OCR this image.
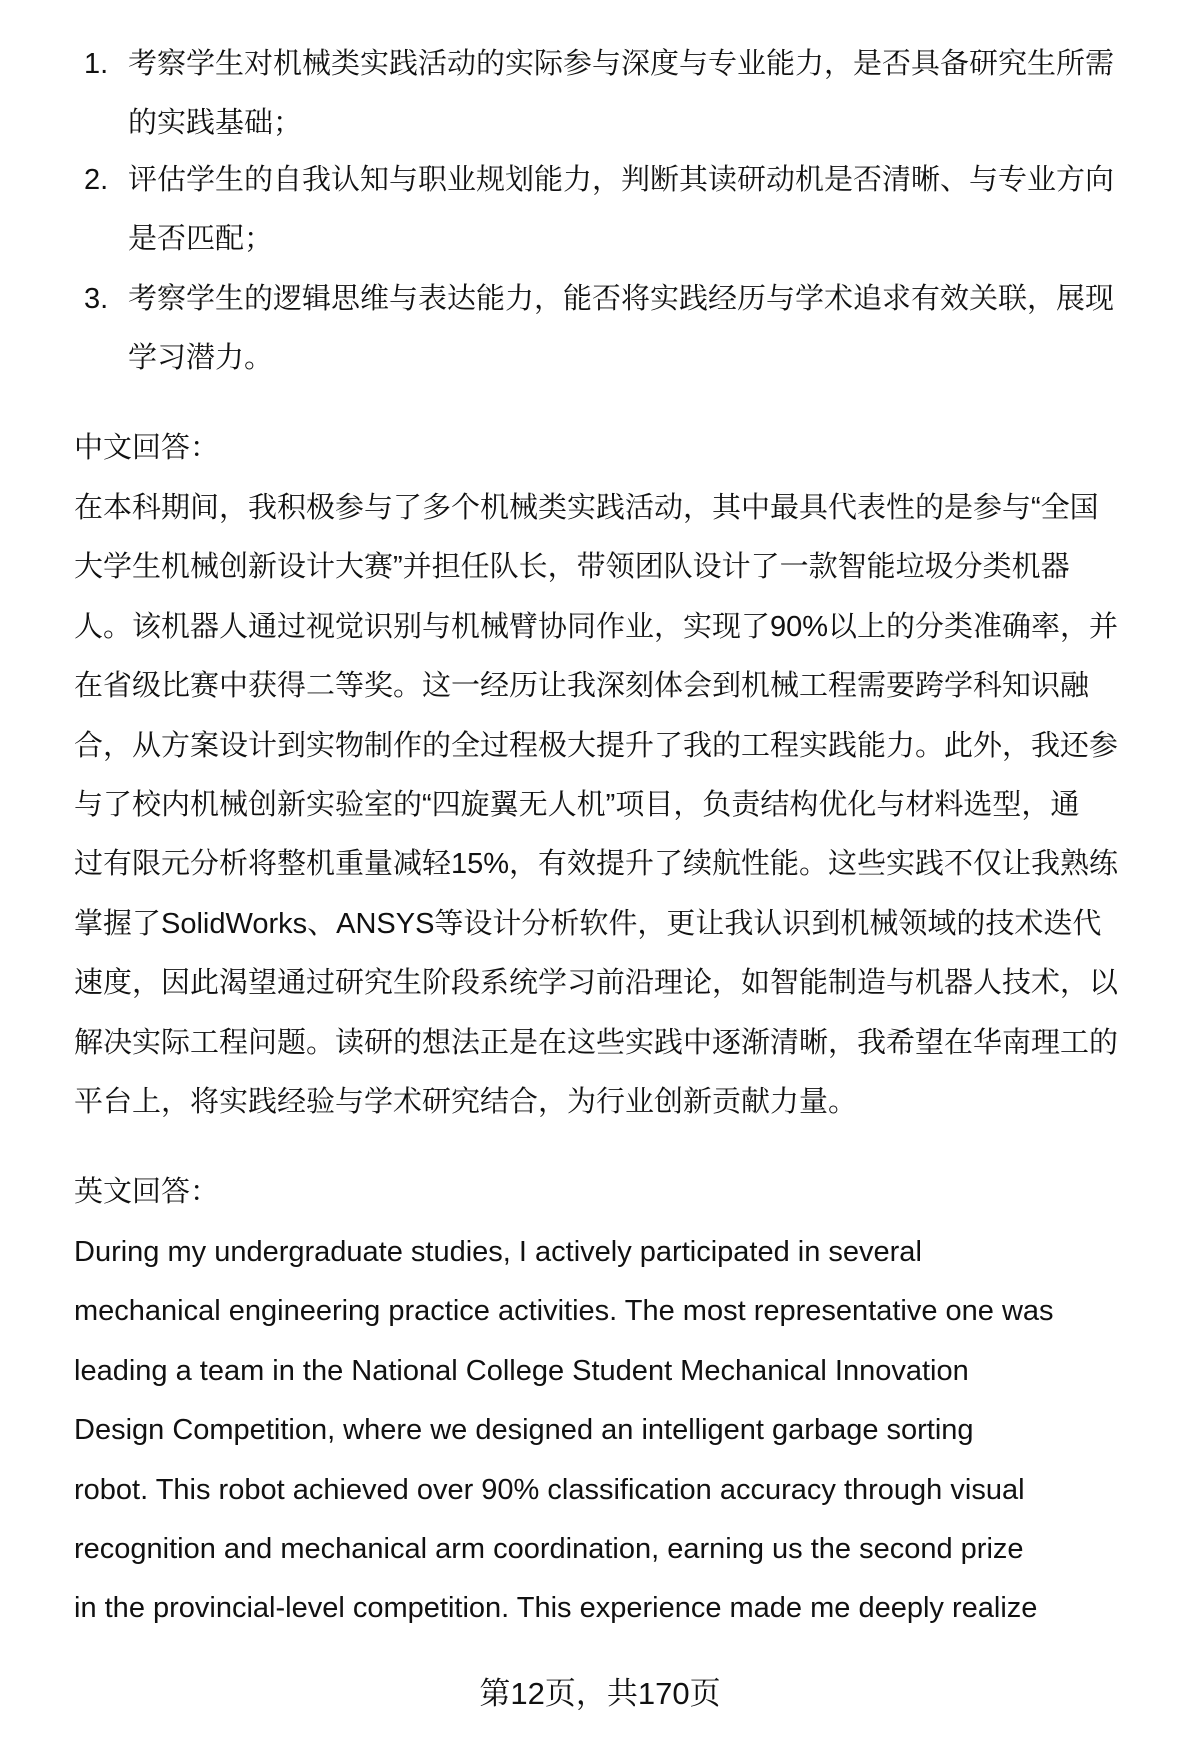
1. 考察学生对机械类实践活动的实际参与深度与专业能力，是否具备研究生所需
的实践基础；
2. 评估学生的自我认知与职业规划能力，判断其读研动机是否清晰、与专业方向
是否匹配；
3. 考察学生的逻辑思维与表达能力，能否将实践经历与学术追求有效关联，展现
学习潜力。
中文回答：
在本科期间，我积极参与了多个机械类实践活动，其中最具代表性的是参与“全国
大学生机械创新设计大赛”并担任队长，带领团队设计了一款智能垃圾分类机器
人。该机器人通过视觉识别与机械臂协同作业，实现了90%以上的分类准确率，并
在省级比赛中获得二等奖。这一经历让我深刻体会到机械工程需要跨学科知识融
合，从方案设计到实物制作的全过程极大提升了我的工程实践能力。此外，我还参
与了校内机械创新实验室的“四旋翼无人机”项目，负责结构优化与材料选型，通
过有限元分析将整机重量减轻15%，有效提升了续航性能。这些实践不仅让我熟练
掌握了SolidWorks、ANSYS等设计分析软件，更让我认识到机械领域的技术迭代
速度，因此渴望通过研究生阶段系统学习前沿理论，如智能制造与机器人技术，以
解决实际工程问题。读研的想法正是在这些实践中逐渐清晰，我希望在华南理工的
平台上，将实践经验与学术研究结合，为行业创新贡献力量。
英文回答：
During my undergraduate studies, I actively participated in several
mechanical engineering practice activities. The most representative one was
leading a team in the National College Student Mechanical Innovation
Design Competition, where we designed an intelligent garbage sorting
robot. This robot achieved over 90% classification accuracy through visual
recognition and mechanical arm coordination, earning us the second prize
in the provincial-level competition. This experience made me deeply realize
第12页，共170页
